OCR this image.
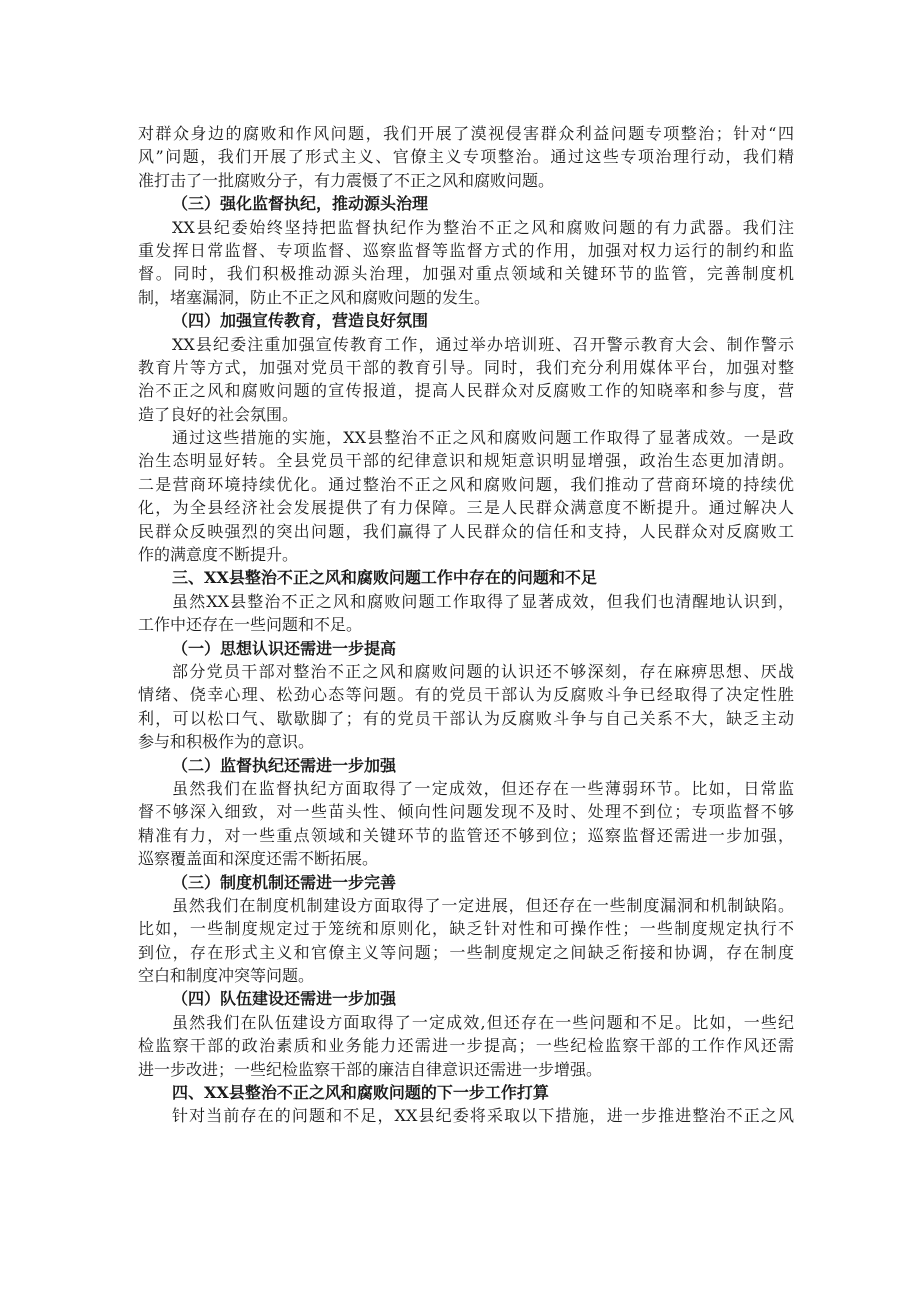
对群众身边的腐败和作风问题，我们开展了漠视侵害群众利益问题专项整治；针对“四
风”问题，我们开展了形式主义、官僚主义专项整治。通过这些专项治理行动，我们精
准打击了一批腐败分子，有力震慑了不正之风和腐败问题。
（三）强化监督执纪，推动源头治理
XX县纪委始终坚持把监督执纪作为整治不正之风和腐败问题的有力武器。我们注
重发挥日常监督、专项监督、巡察监督等监督方式的作用，加强对权力运行的制约和监
督。同时，我们积极推动源头治理，加强对重点领域和关键环节的监管，完善制度机
制，堵塞漏洞，防止不正之风和腐败问题的发生。
（四）加强宣传教育，营造良好氛围
XX县纪委注重加强宣传教育工作，通过举办培训班、召开警示教育大会、制作警示
教育片等方式，加强对党员干部的教育引导。同时，我们充分利用媒体平台，加强对整
治不正之风和腐败问题的宣传报道，提高人民群众对反腐败工作的知晓率和参与度，营
造了良好的社会氛围。
通过这些措施的实施，XX县整治不正之风和腐败问题工作取得了显著成效。一是政
治生态明显好转。全县党员干部的纪律意识和规矩意识明显增强，政治生态更加清朗。
二是营商环境持续优化。通过整治不正之风和腐败问题，我们推动了营商环境的持续优
化，为全县经济社会发展提供了有力保障。三是人民群众满意度不断提升。通过解决人
民群众反映强烈的突出问题，我们赢得了人民群众的信任和支持，人民群众对反腐败工
作的满意度不断提升。
三、XX县整治不正之风和腐败问题工作中存在的问题和不足
虽然XX县整治不正之风和腐败问题工作取得了显著成效，但我们也清醒地认识到，
工作中还存在一些问题和不足。
（一）思想认识还需进一步提高
部分党员干部对整治不正之风和腐败问题的认识还不够深刻，存在麻痹思想、厌战
情绪、侥幸心理、松劲心态等问题。有的党员干部认为反腐败斗争已经取得了决定性胜
利，可以松口气、歇歇脚了；有的党员干部认为反腐败斗争与自己关系不大，缺乏主动
参与和积极作为的意识。
（二）监督执纪还需进一步加强
虽然我们在监督执纪方面取得了一定成效，但还存在一些薄弱环节。比如，日常监
督不够深入细致，对一些苗头性、倾向性问题发现不及时、处理不到位；专项监督不够
精准有力，对一些重点领域和关键环节的监管还不够到位；巡察监督还需进一步加强，
巡察覆盖面和深度还需不断拓展。
（三）制度机制还需进一步完善
虽然我们在制度机制建设方面取得了一定进展，但还存在一些制度漏洞和机制缺陷。
比如，一些制度规定过于笼统和原则化，缺乏针对性和可操作性；一些制度规定执行不
到位，存在形式主义和官僚主义等问题；一些制度规定之间缺乏衔接和协调，存在制度
空白和制度冲突等问题。
（四）队伍建设还需进一步加强
虽然我们在队伍建设方面取得了一定成效,但还存在一些问题和不足。比如，一些纪
检监察干部的政治素质和业务能力还需进一步提高；一些纪检监察干部的工作作风还需
进一步改进；一些纪检监察干部的廉洁自律意识还需进一步增强。
四、XX县整治不正之风和腐败问题的下一步工作打算
针对当前存在的问题和不足，XX县纪委将采取以下措施，进一步推进整治不正之风
